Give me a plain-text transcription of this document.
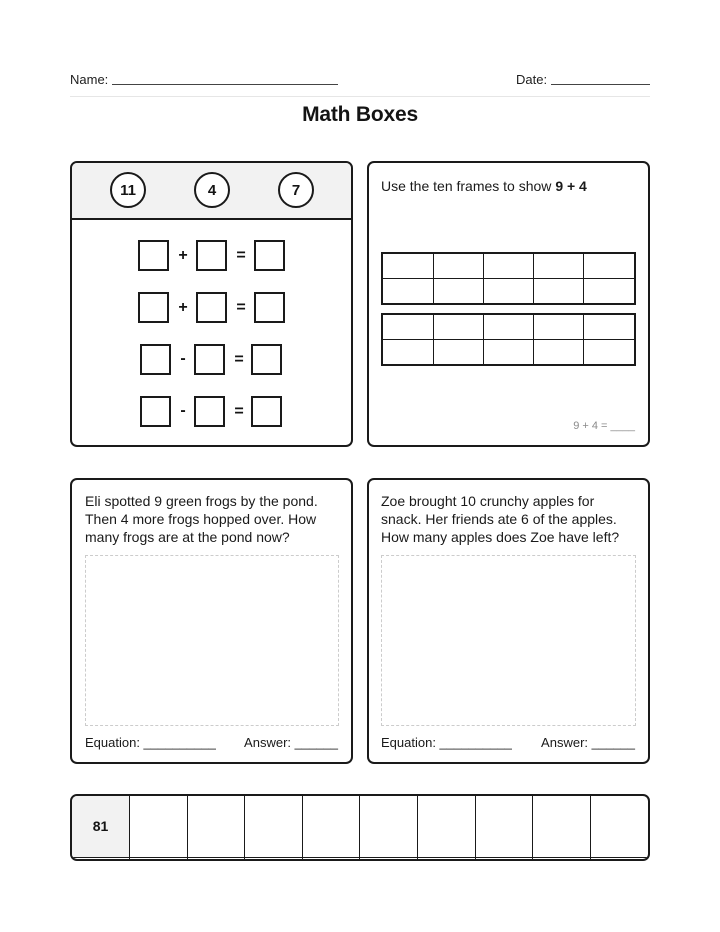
Name:	Date:
Math Boxes
11	4	7
+	=
+	=
-	=
-	=
Use the ten frames to show 9 + 4

9 + 4 = ____
Eli spotted 9 green frogs by the pond. Then 4 more frogs hopped over. How many frogs are at the pond now?
Equation: __________ Answer: ______
Zoe brought 10 crunchy apples for snack. Her friends ate 6 of the apples. How many apples does Zoe have left?
Equation: __________ Answer: ______
81									
